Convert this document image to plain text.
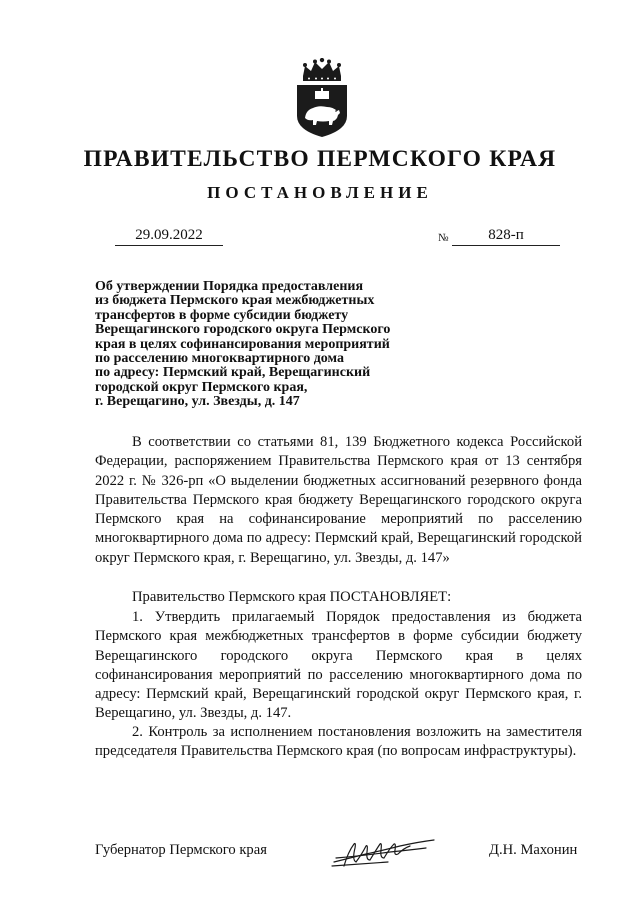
ПРАВИТЕЛЬСТВО ПЕРМСКОГО КРАЯ
ПОСТАНОВЛЕНИЕ
29.09.2022	№	828-п
Об утверждении Порядка предоставления
из бюджета Пермского края межбюджетных
трансфертов в форме субсидии бюджету
Верещагинского городского округа Пермского
края в целях софинансирования мероприятий
по расселению многоквартирного дома
по адресу: Пермский край, Верещагинский
городской округ Пермского края,
г. Верещагино, ул. Звезды, д. 147

В соответствии со статьями 81, 139 Бюджетного кодекса Российской Федерации, распоряжением Правительства Пермского края от 13 сентября 2022 г. № 326-рп «О выделении бюджетных ассигнований резервного фонда Правительства Пермского края бюджету Верещагинского городского округа Пермского края на софинансирование мероприятий по расселению многоквартирного дома по адресу: Пермский край, Верещагинский городской округ Пермского края, г. Верещагино, ул. Звезды, д. 147»

Правительство Пермского края ПОСТАНОВЛЯЕТ:

1. Утвердить прилагаемый Порядок предоставления из бюджета Пермского края межбюджетных трансфертов в форме субсидии бюджету Верещагинского городского округа Пермского края в целях софинансирования мероприятий по расселению многоквартирного дома по адресу: Пермский край, Верещагинский городской округ Пермского края, г. Верещагино, ул. Звезды, д. 147.

2. Контроль за исполнением постановления возложить на заместителя председателя Правительства Пермского края (по вопросам инфраструктуры).

Губернатор Пермского края	Д.Н. Махонин
